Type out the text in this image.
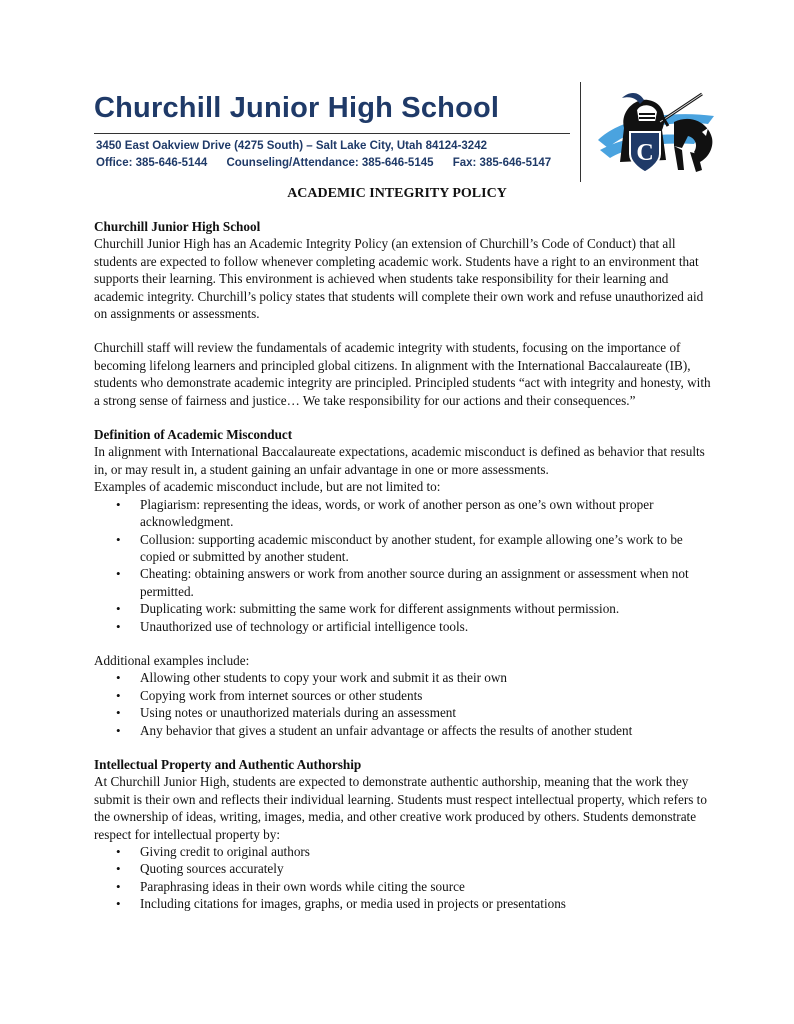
Churchill Junior High School

3450 East Oakview Drive (4275 South) – Salt Lake City, Utah 84124-3242

Office: 385-646-5144 Counseling/Attendance: 385-646-5145 Fax: 385-646-5147	C
ACADEMIC INTEGRITY POLICY
Churchill Junior High School

Churchill Junior High has an Academic Integrity Policy (an extension of Churchill’s Code of Conduct) that all students are expected to follow whenever completing academic work. Students have a right to an environment that supports their learning. This environment is achieved when students take responsibility for their learning and academic integrity. Churchill’s policy states that students will complete their own work and refuse unauthorized aid on assignments or assessments.

Churchill staff will review the fundamentals of academic integrity with students, focusing on the importance of becoming lifelong learners and principled global citizens. In alignment with the International Baccalaureate (IB), students who demonstrate academic integrity are principled. Principled students “act with integrity and honesty, with a strong sense of fairness and justice… We take responsibility for our actions and their consequences.”

Definition of Academic Misconduct

In alignment with International Baccalaureate expectations, academic misconduct is defined as behavior that results in, or may result in, a student gaining an unfair advantage in one or more assessments.

Examples of academic misconduct include, but are not limited to:

• Plagiarism: representing the ideas, words, or work of another person as one’s own without proper acknowledgment.
• Collusion: supporting academic misconduct by another student, for example allowing one’s work to be copied or submitted by another student.
• Cheating: obtaining answers or work from another source during an assignment or assessment when not permitted.
• Duplicating work: submitting the same work for different assignments without permission.
• Unauthorized use of technology or artificial intelligence tools.

Additional examples include:

• Allowing other students to copy your work and submit it as their own
• Copying work from internet sources or other students
• Using notes or unauthorized materials during an assessment
• Any behavior that gives a student an unfair advantage or affects the results of another student
Intellectual Property and Authentic Authorship

At Churchill Junior High, students are expected to demonstrate authentic authorship, meaning that the work they submit is their own and reflects their individual learning. Students must respect intellectual property, which refers to the ownership of ideas, writing, images, media, and other creative work produced by others. Students demonstrate respect for intellectual property by:

• Giving credit to original authors
• Quoting sources accurately
• Paraphrasing ideas in their own words while citing the source
• Including citations for images, graphs, or media used in projects or presentations
